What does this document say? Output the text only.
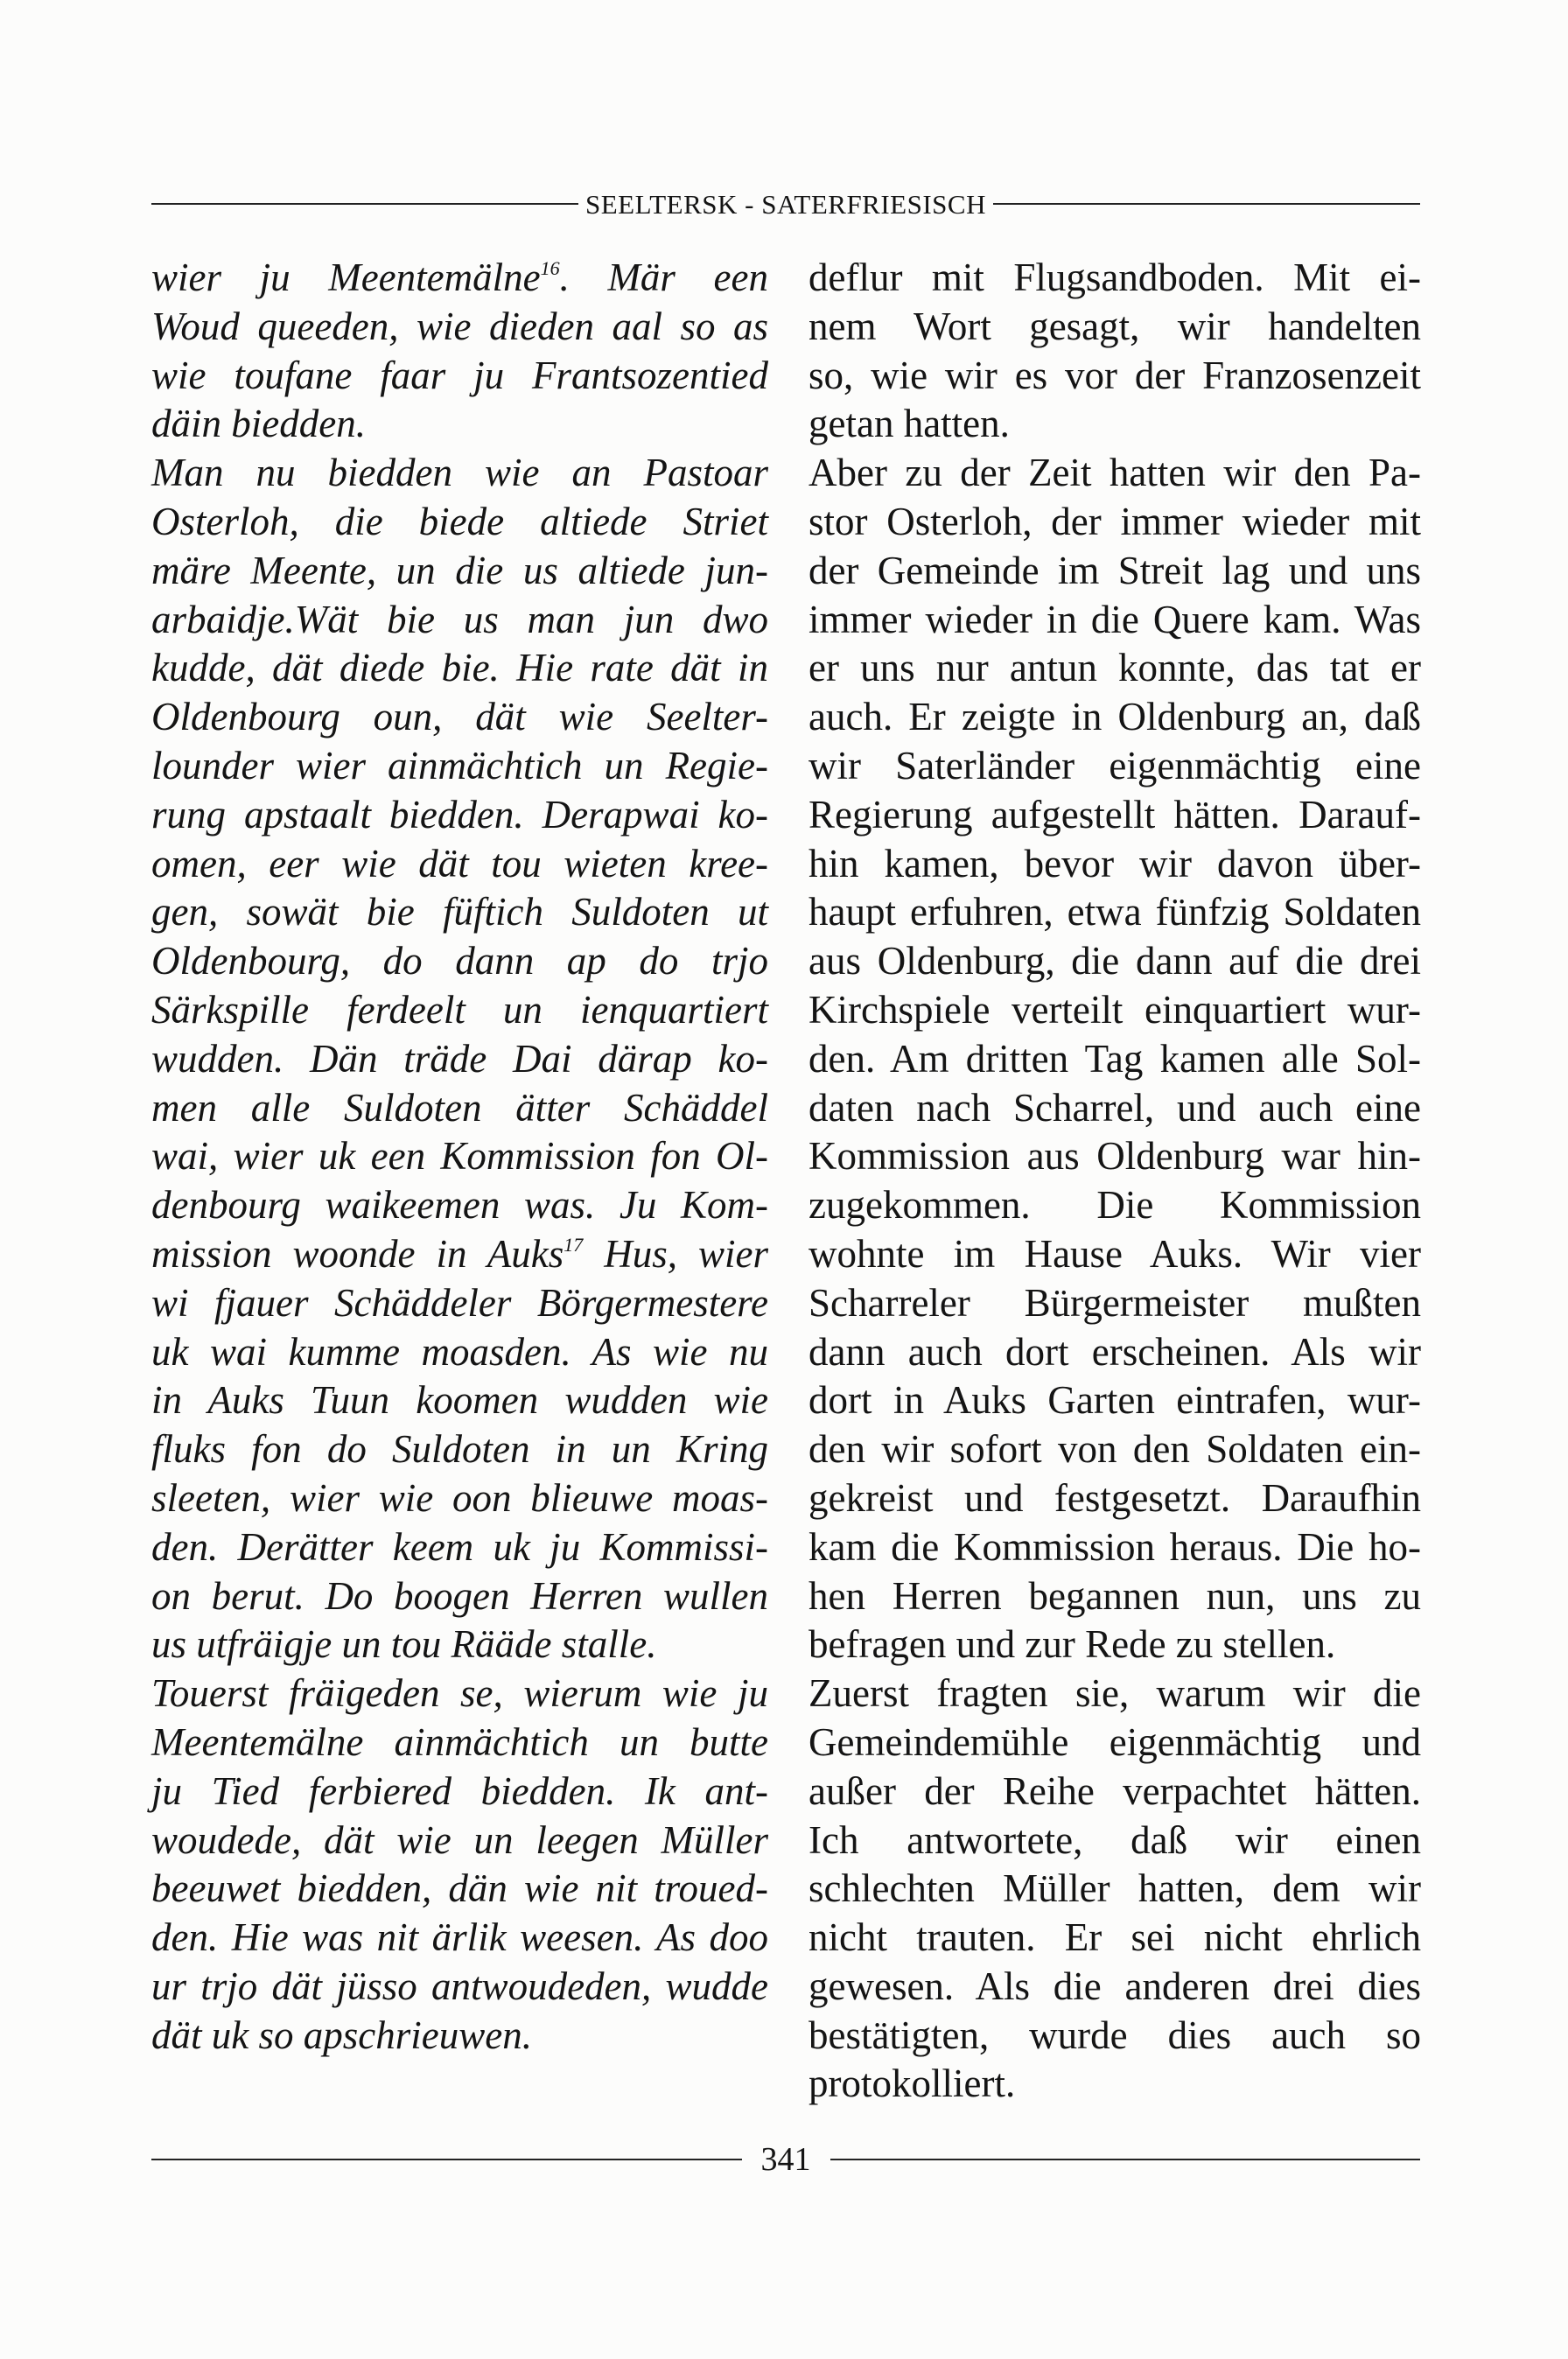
SEELTERSK - SATERFRIESISCH
wier ju Meentemälne$^{16}$. Mär een
Woud queeden, wie dieden aal so as
wie toufane faar ju Frantsozentied
däin biedden.
Man nu biedden wie an Pastoar
Osterloh, die biede altiede Striet
märe Meente, un die us altiede jun-
arbaidje.Wät bie us man jun dwo
kudde, dät diede bie. Hie rate dät in
Oldenbourg oun, dät wie Seelter-
lounder wier ainmächtich un Regie-
rung apstaalt biedden. Derapwai ko-
omen, eer wie dät tou wieten kree-
gen, sowät bie füftich Suldoten ut
Oldenbourg, do dann ap do trjo
Särkspille ferdeelt un ienquartiert
wudden. Dän träde Dai därap ko-
men alle Suldoten ätter Schäddel
wai, wier uk een Kommission fon Ol-
denbourg waikeemen was. Ju Kom-
mission woonde in Auks$^{17}$ Hus, wier
wi fjauer Schäddeler Börgermestere
uk wai kumme moasden. As wie nu
in Auks Tuun koomen wudden wie
fluks fon do Suldoten in un Kring
sleeten, wier wie oon blieuwe moas-
den. Derätter keem uk ju Kommissi-
on berut. Do boogen Herren wullen
us utfräigje un tou Rääde stalle.
Touerst fräigeden se, wierum wie ju
Meentemälne ainmächtich un butte
ju Tied ferbiered biedden. Ik ant-
woudede, dät wie un leegen Müller
beeuwet biedden, dän wie nit troued-
den. Hie was nit ärlik weesen. As doo
ur trjo dät jüsso antwoudeden, wudde
dät uk so apschrieuwen.
deflur mit Flugsandboden. Mit ei-
nem Wort gesagt, wir handelten
so, wie wir es vor der Franzosenzeit
getan hatten.
Aber zu der Zeit hatten wir den Pa-
stor Osterloh, der immer wieder mit
der Gemeinde im Streit lag und uns
immer wieder in die Quere kam. Was
er uns nur antun konnte, das tat er
auch. Er zeigte in Oldenburg an, daß
wir Saterländer eigenmächtig eine
Regierung aufgestellt hätten. Darauf-
hin kamen, bevor wir davon über-
haupt erfuhren, etwa fünfzig Soldaten
aus Oldenburg, die dann auf die drei
Kirchspiele verteilt einquartiert wur-
den. Am dritten Tag kamen alle Sol-
daten nach Scharrel, und auch eine
Kommission aus Oldenburg war hin-
zugekommen. Die Kommission
wohnte im Hause Auks. Wir vier
Scharreler Bürgermeister mußten
dann auch dort erscheinen. Als wir
dort in Auks Garten eintrafen, wur-
den wir sofort von den Soldaten ein-
gekreist und festgesetzt. Daraufhin
kam die Kommission heraus. Die ho-
hen Herren begannen nun, uns zu
befragen und zur Rede zu stellen.
Zuerst fragten sie, warum wir die
Gemeindemühle eigenmächtig und
außer der Reihe verpachtet hätten.
Ich antwortete, daß wir einen
schlechten Müller hatten, dem wir
nicht trauten. Er sei nicht ehrlich
gewesen. Als die anderen drei dies
bestätigten, wurde dies auch so
protokolliert.
341
